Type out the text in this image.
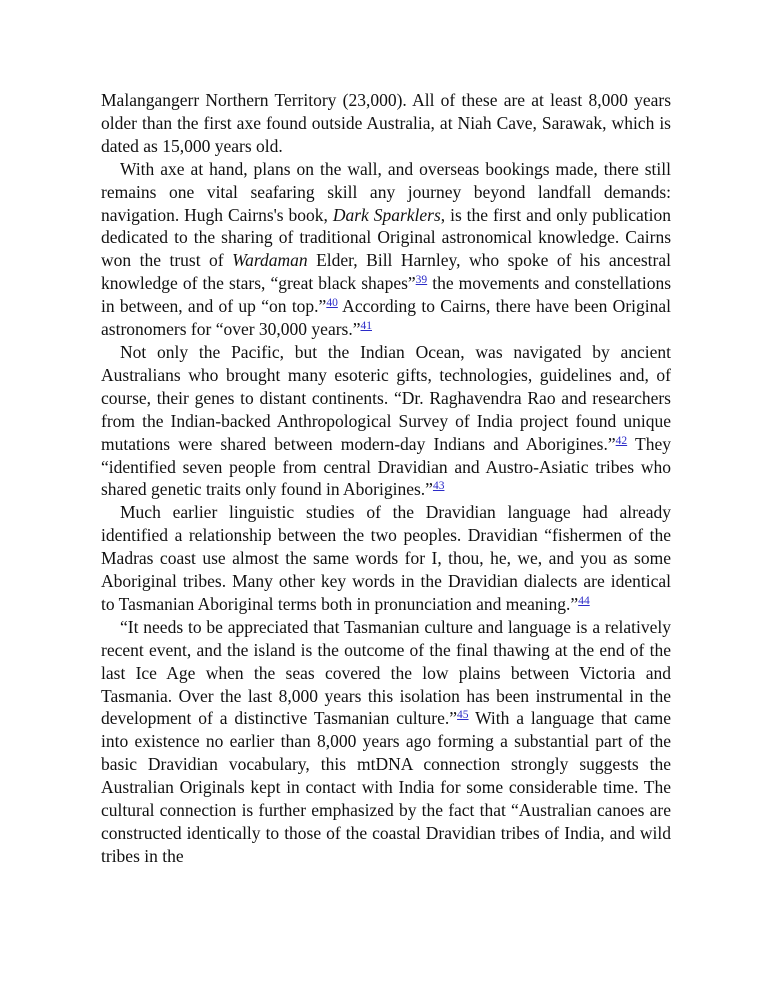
Malangangerr Northern Territory (23,000). All of these are at least 8,000 years older than the first axe found outside Australia, at Niah Cave, Sarawak, which is dated as 15,000 years old.

With axe at hand, plans on the wall, and overseas bookings made, there still remains one vital seafaring skill any journey beyond landfall demands: navigation. Hugh Cairns's book, Dark Sparklers, is the first and only publication dedicated to the sharing of traditional Original astronomical knowledge. Cairns won the trust of Wardaman Elder, Bill Harnley, who spoke of his ancestral knowledge of the stars, “great black shapes”$^{39}$ the movements and constellations in between, and of up “on top.”$^{40}$ According to Cairns, there have been Original astronomers for “over 30,000 years.”$^{41}$

Not only the Pacific, but the Indian Ocean, was navigated by ancient Australians who brought many esoteric gifts, technologies, guidelines and, of course, their genes to distant continents. “Dr. Raghavendra Rao and researchers from the Indian-backed Anthropological Survey of India project found unique mutations were shared between modern-day Indians and Aborigines.”$^{42}$ They “identified seven people from central Dravidian and Austro-Asiatic tribes who shared genetic traits only found in Aborigines.”$^{43}$

Much earlier linguistic studies of the Dravidian language had already identified a relationship between the two peoples. Dravidian “fishermen of the Madras coast use almost the same words for I, thou, he, we, and you as some Aboriginal tribes. Many other key words in the Dravidian dialects are identical to Tasmanian Aboriginal terms both in pronunciation and meaning.”$^{44}$

“It needs to be appreciated that Tasmanian culture and language is a relatively recent event, and the island is the outcome of the final thawing at the end of the last Ice Age when the seas covered the low plains between Victoria and Tasmania. Over the last 8,000 years this isolation has been instrumental in the development of a distinctive Tasmanian culture.”$^{45}$ With a language that came into existence no earlier than 8,000 years ago forming a substantial part of the basic Dravidian vocabulary, this mtDNA connection strongly suggests the Australian Originals kept in contact with India for some considerable time. The cultural connection is further emphasized by the fact that “Australian canoes are constructed identically to those of the coastal Dravidian tribes of India, and wild tribes in the
